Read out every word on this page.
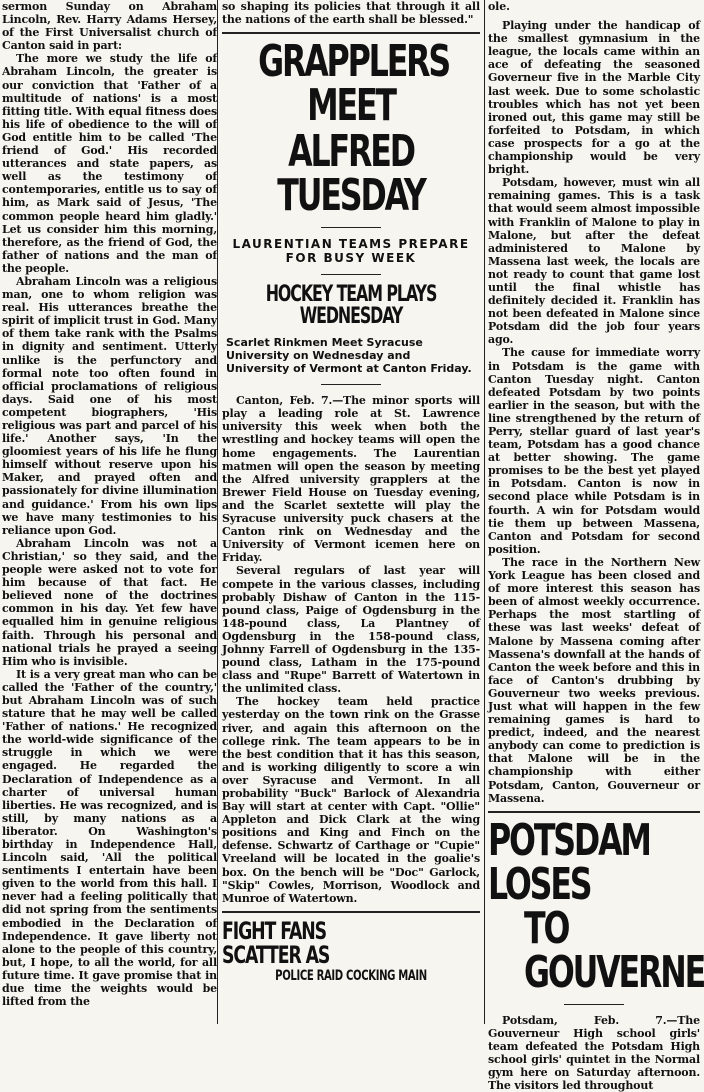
sermon Sunday on Abraham Lincoln, Rev. Harry Adams Hersey, of the First Universalist church of Canton said in part:

The more we study the life of Abraham Lincoln, the greater is our conviction that 'Father of a multitude of nations' is a most fitting title. With equal fitness does his life of obedience to the will of God entitle him to be called 'The friend of God.' His recorded utterances and state papers, as well as the testimony of contemporaries, entitle us to say of him, as Mark said of Jesus, 'The common people heard him gladly.' Let us consider him this morning, therefore, as the friend of God, the father of nations and the man of the people.

Abraham Lincoln was a religious man, one to whom religion was real. His utterances breathe the spirit of implicit trust in God. Many of them take rank with the Psalms in dignity and sentiment. Utterly unlike is the perfunctory and formal note too often found in official proclamations of religious days. Said one of his most competent biographers, 'His religious was part and parcel of his life.' Another says, 'In the gloomiest years of his life he flung himself without reserve upon his Maker, and prayed often and passionately for divine illumination and guidance.' From his own lips we have many testimonies to his reliance upon God.

Abraham Lincoln was not a Christian,' so they said, and the people were asked not to vote for him because of that fact. He believed none of the doctrines common in his day. Yet few have equalled him in genuine religious faith. Through his personal and national trials he prayed a seeing Him who is invisible.

It is a very great man who can be called the 'Father of the country,' but Abraham Lincoln was of such stature that he may well be called 'Father of nations.' He recognized the world-wide significance of the struggle in which we were engaged. He regarded the Declaration of Independence as a charter of universal human liberties. He was recognized, and is still, by many nations as a liberator. On Washington's birthday in Independence Hall, Lincoln said, 'All the political sentiments I entertain have been given to the world from this hall. I never had a feeling politically that did not spring from the sentiments embodied in the Declaration of Independence. It gave liberty not alone to the people of this country, but, I hope, to all the world, for all future time. It gave promise that in due time the weights would be lifted from the

so shaping its policies that through it all the nations of the earth shall be blessed."

GRAPPLERS MEET
ALFRED TUESDAY

LAURENTIAN TEAMS PREPARE

FOR BUSY WEEK

HOCKEY TEAM PLAYS WEDNESDAY

Scarlet Rinkmen Meet Syracuse University on Wednesday and University of Vermont at Canton Friday.

Canton, Feb. 7.—The minor sports will play a leading role at St. Lawrence university this week when both the wrestling and hockey teams will open the home engagements. The Laurentian matmen will open the season by meeting the Alfred university grapplers at the Brewer Field House on Tuesday evening, and the Scarlet sextette will play the Syracuse university puck chasers at the Canton rink on Wednesday and the University of Vermont icemen here on Friday.

Several regulars of last year will compete in the various classes, including probably Dishaw of Canton in the 115-pound class, Paige of Ogdensburg in the 148-pound class, La Plantney of Ogdensburg in the 158-pound class, Johnny Farrell of Ogdensburg in the 135-pound class, Latham in the 175-pound class and "Rupe" Barrett of Watertown in the unlimited class.

The hockey team held practice yesterday on the town rink on the Grasse river, and again this afternoon on the college rink. The team appears to be in the best condition that it has this season, and is working diligently to score a win over Syracuse and Vermont. In all probability "Buck" Barlock of Alexandria Bay will start at center with Capt. "Ollie" Appleton and Dick Clark at the wing positions and King and Finch on the defense. Schwartz of Carthage or "Cupie" Vreeland will be located in the goalie's box. On the bench will be "Doc" Garlock, "Skip" Cowles, Morrison, Woodlock and Munroe of Watertown.

FIGHT FANS SCATTER AS
POLICE RAID COCKING MAIN

ole.

Playing under the handicap of the smallest gymnasium in the league, the locals came within an ace of defeating the seasoned Governeur five in the Marble City last week. Due to some scholastic troubles which has not yet been ironed out, this game may still be forfeited to Potsdam, in which case prospects for a go at the championship would be very bright.

Potsdam, however, must win all remaining games. This is a task that would seem almost impossible with Franklin of Malone to play in Malone, but after the defeat administered to Malone by Massena last week, the locals are not ready to count that game lost until the final whistle has definitely decided it. Franklin has not been defeated in Malone since Potsdam did the job four years ago.

The cause for immediate worry in Potsdam is the game with Canton Tuesday night. Canton defeated Potsdam by two points earlier in the season, but with the line strengthened by the return of Perry, stellar guard of last year's team, Potsdam has a good chance at better showing. The game promises to be the best yet played in Potsdam. Canton is now in second place while Potsdam is in fourth. A win for Potsdam would tie them up between Massena, Canton and Potsdam for second position.

The race in the Northern New York League has been closed and of more interest this season has been of almost weekly occurrence. Perhaps the most startling of these was last weeks' defeat of Malone by Massena coming after Massena's downfall at the hands of Canton the week before and this in face of Canton's drubbing by Gouverneur two weeks previous. Just what will happen in the few remaining games is hard to predict, indeed, and the nearest anybody can come to prediction is that Malone will be in the championship with either Potsdam, Canton, Gouverneur or Massena.

POTSDAM LOSES
TO GOUVERNE

Potsdam, Feb. 7.—The Gouverneur High school girls' team defeated the Potsdam High school girls' quintet in the Normal gym here on Saturday afternoon. The visitors led throughout
